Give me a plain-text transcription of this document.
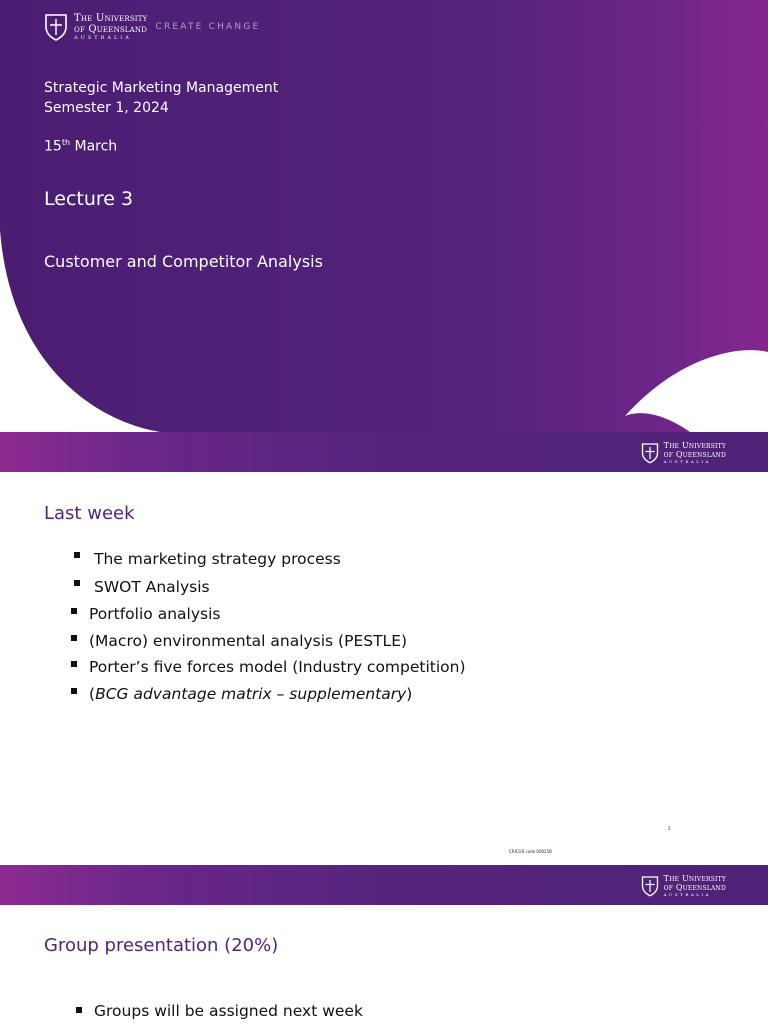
The University
of Queensland
AUSTRALIA
CREATE CHANGE
Strategic Marketing Management
Semester 1, 2024
15th March
Lecture 3
Customer and Competitor Analysis
The University
of Queensland
AUSTRALIA
Last week
The marketing strategy process
SWOT Analysis
Portfolio analysis
(Macro) environmental analysis (PESTLE)
Porter’s five forces model (Industry competition)
(BCG advantage matrix – supplementary)
2
CRICOS code 00025B
The University
of Queensland
AUSTRALIA
Group presentation (20%)
Groups will be assigned next week
